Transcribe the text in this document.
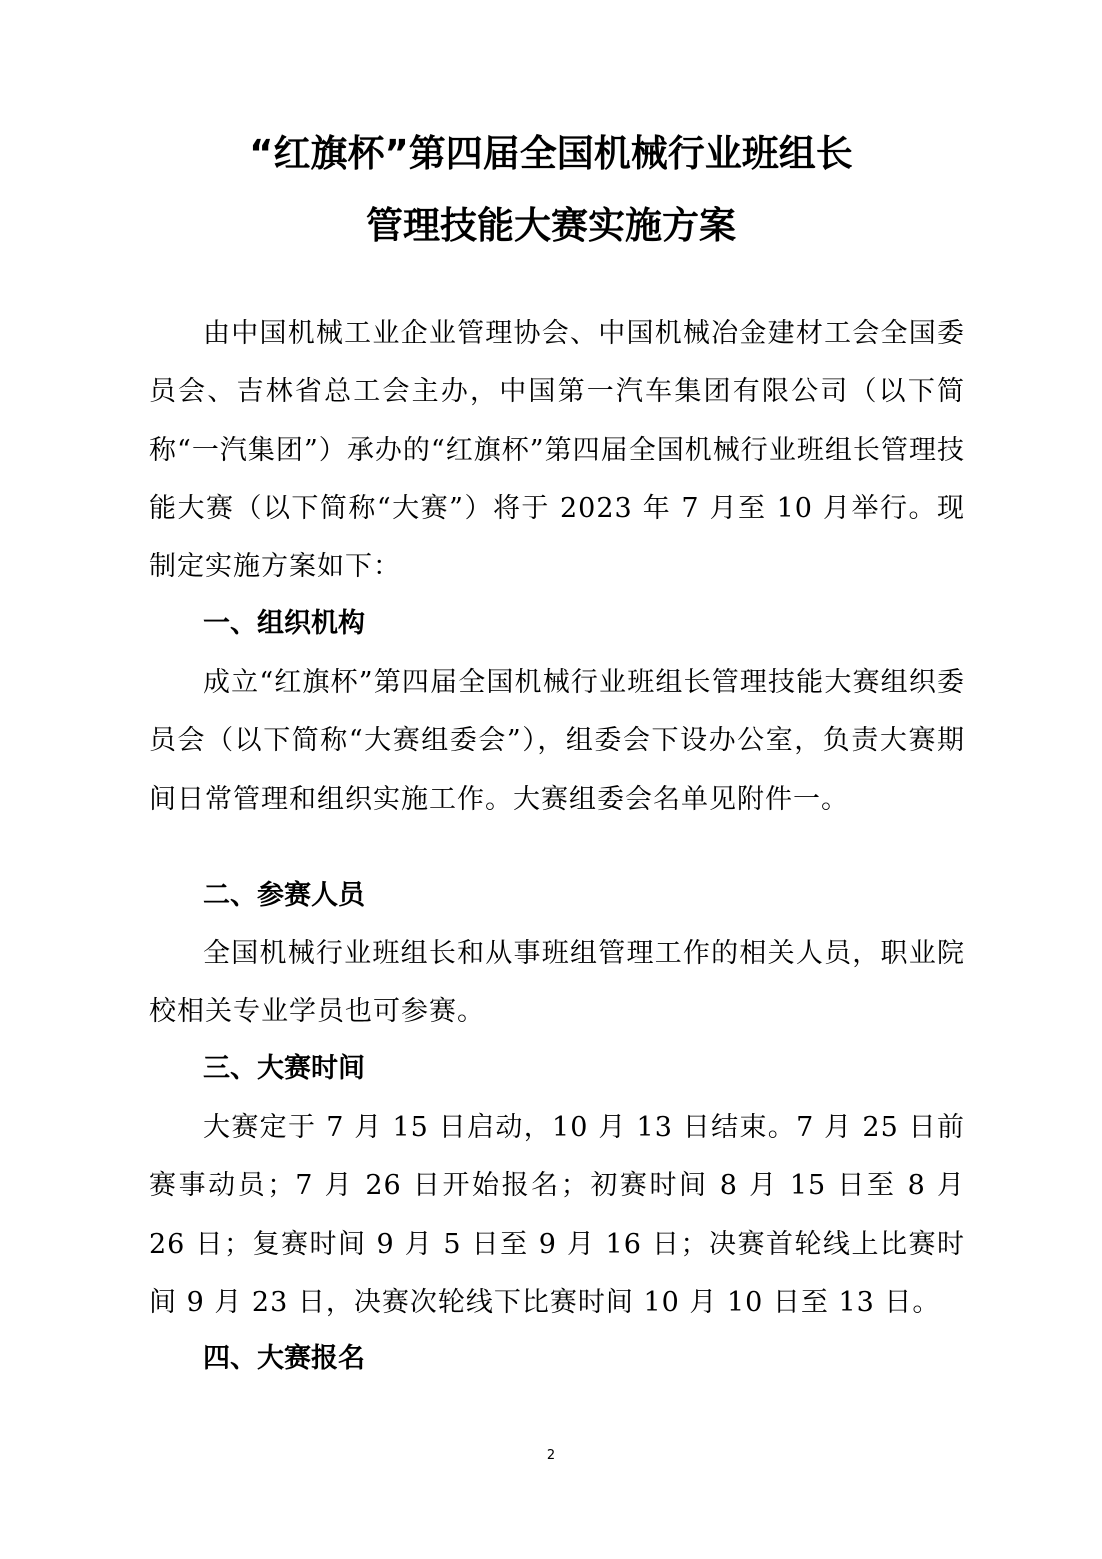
“红旗杯”第四届全国机械行业班组长
管理技能大赛实施方案

由中国机械工业企业管理协会、中国机械冶金建材工会全国委员会、吉林省总工会主办，中国第一汽车集团有限公司（以下简称“一汽集团”）承办的“红旗杯”第四届全国机械行业班组长管理技能大赛（以下简称“大赛”）将于 2023 年 7 月至 10 月举行。现制定实施方案如下：

一、组织机构

成立“红旗杯”第四届全国机械行业班组长管理技能大赛组织委员会（以下简称“大赛组委会”），组委会下设办公室，负责大赛期间日常管理和组织实施工作。大赛组委会名单见附件一。

二、参赛人员

全国机械行业班组长和从事班组管理工作的相关人员，职业院校相关专业学员也可参赛。

三、大赛时间

大赛定于 7 月 15 日启动，10 月 13 日结束。7 月 25 日前赛事动员；7 月 26 日开始报名；初赛时间 8 月 15 日至 8 月 26 日；复赛时间 9 月 5 日至 9 月 16 日；决赛首轮线上比赛时间 9 月 23 日，决赛次轮线下比赛时间 10 月 10 日至 13 日。

四、大赛报名
2
